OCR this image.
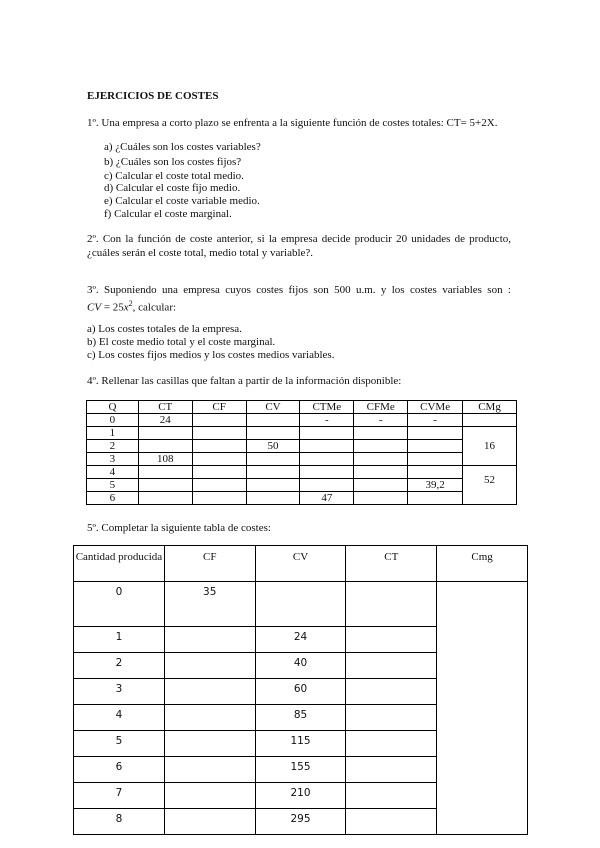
EJERCICIOS DE COSTES
1º. Una empresa a corto plazo se enfrenta a la siguiente función de costes totales: CT= 5+2X.
a) ¿Cuáles son los costes variables?
b) ¿Cuáles son los costes fijos?
c) Calcular el coste total medio.
d) Calcular el coste fijo medio.
e) Calcular el coste variable medio.
f) Calcular el coste marginal.
2º. Con la función de coste anterior, si la empresa decide producir 20 unidades de producto,
¿cuáles serán el coste total, medio total y variable?.
3º. Suponiendo una empresa cuyos costes fijos son 500 u.m. y los costes variables son :
CV = $25x^2$, calcular:
a) Los costes totales de la empresa.
b) El coste medio total y el coste marginal.
c) Los costes fijos medios y los costes medios variables.
4º. Rellenar las casillas que faltan a partir de la información disponible:
Q	CT	CF	CV	CTMe	CFMe	CVMe	CMg
0	24			-	-	-	
1							16
2			50				
3	108						
4							52
5						39,2	
6				47			
5º. Completar la siguiente tabla de costes:
Cantidad producida	CF	CV	CT	Cmg
0	35			
1		24		
2		40		
3		60		
4		85		
5		115		
6		155		
7		210		
8		295		
